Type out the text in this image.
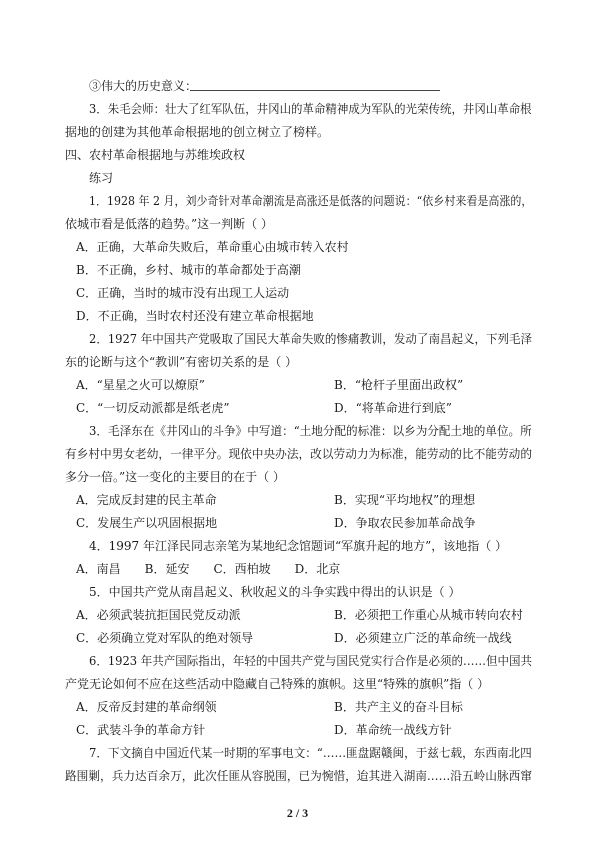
③伟大的历史意义：
3．朱毛会师：壮大了红军队伍，井冈山的革命精神成为军队的光荣传统，井冈山革命根
据地的创建为其他革命根据地的创立树立了榜样。
四、农村革命根据地与苏维埃政权
练习
1．1928 年 2 月，刘少奇针对革命潮流是高涨还是低落的问题说：“依乡村来看是高涨的，
依城市看是低落的趋势。”这一判断（ ）
A．正确，大革命失败后，革命重心由城市转入农村
B．不正确，乡村、城市的革命都处于高潮
C．正确，当时的城市没有出现工人运动
D．不正确，当时农村还没有建立革命根据地
2．1927 年中国共产党吸取了国民大革命失败的惨痛教训，发动了南昌起义，下列毛泽
东的论断与这个“教训”有密切关系的是（ ）
A．“星星之火可以燎原”	B．“枪杆子里面出政权”
C．“一切反动派都是纸老虎”	D．“将革命进行到底”
3．毛泽东在《井冈山的斗争》中写道：“土地分配的标准：以乡为分配土地的单位。所
有乡村中男女老幼，一律平分。现依中央办法，改以劳动力为标准，能劳动的比不能劳动的
多分一倍。”这一变化的主要目的在于（ ）
A．完成反封建的民主革命	B．实现“平均地权”的理想
C．发展生产以巩固根据地	D．争取农民参加革命战争
4．1997 年江泽民同志亲笔为某地纪念馆题词“军旗升起的地方”，该地指（ ）
A．南昌　　B．延安　　C．西柏坡　　D．北京
5．中国共产党从南昌起义、秋收起义的斗争实践中得出的认识是（ ）
A．必须武装抗拒国民党反动派	B．必须把工作重心从城市转向农村
C．必须确立党对军队的绝对领导	D．必须建立广泛的革命统一战线
6．1923 年共产国际指出，年轻的中国共产党与国民党实行合作是必须的……但中国共
产党无论如何不应在这些活动中隐藏自己特殊的旗帜。这里“特殊的旗帜”指（ ）
A．反帝反封建的革命纲领	B．共产主义的奋斗目标
C．武装斗争的革命方针	D．革命统一战线方针
7．下文摘自中国近代某一时期的军事电文：“……匪盘踞赣闽，于兹七载，东西南北四
路围剿，兵力达百余万，此次任匪从容脱围，已为惋惜，迨其进入湖南……沿五岭山脉西窜
2 / 3
